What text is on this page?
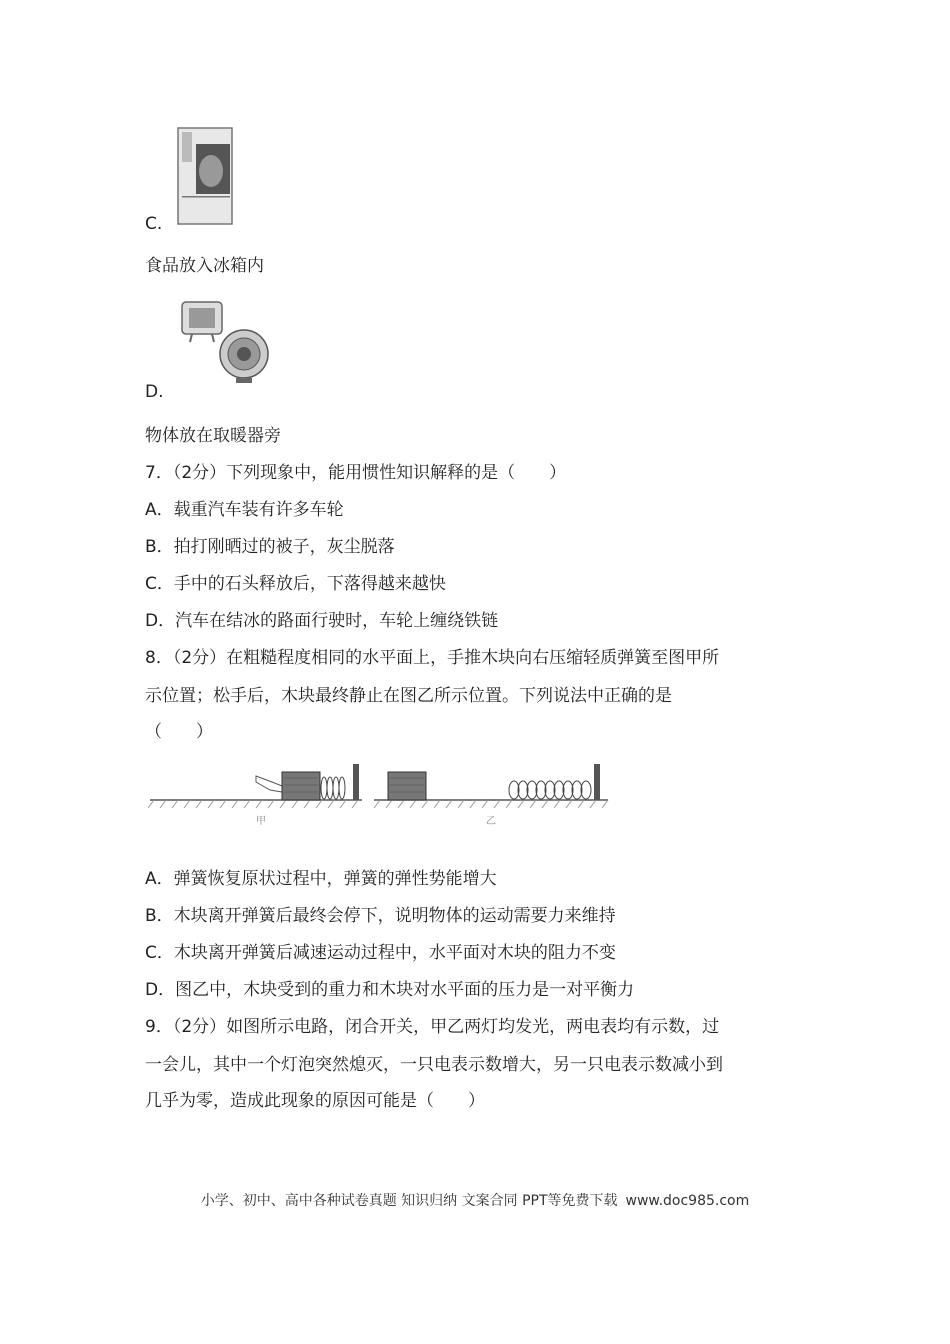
C.
食品放入冰箱内
D.
物体放在取暖器旁
7．（2分）下列现象中，能用惯性知识解释的是（　　）
A．载重汽车装有许多车轮
B．拍打刚晒过的被子，灰尘脱落
C．手中的石头释放后，下落得越来越快
D．汽车在结冰的路面行驶时，车轮上缠绕铁链
8．（2分）在粗糙程度相同的水平面上，手推木块向右压缩轻质弹簧至图甲所
示位置；松手后，木块最终静止在图乙所示位置。下列说法中正确的是
（　　）
甲	乙
A．弹簧恢复原状过程中，弹簧的弹性势能增大
B．木块离开弹簧后最终会停下，说明物体的运动需要力来维持
C．木块离开弹簧后减速运动过程中，水平面对木块的阻力不变
D．图乙中，木块受到的重力和木块对水平面的压力是一对平衡力
9．（2分）如图所示电路，闭合开关，甲乙两灯均发光，两电表均有示数，过
一会儿，其中一个灯泡突然熄灭，一只电表示数增大，另一只电表示数减小到
几乎为零，造成此现象的原因可能是（　　）
小学、初中、高中各种试卷真题 知识归纳 文案合同 PPT等免费下载 www.doc985.com
